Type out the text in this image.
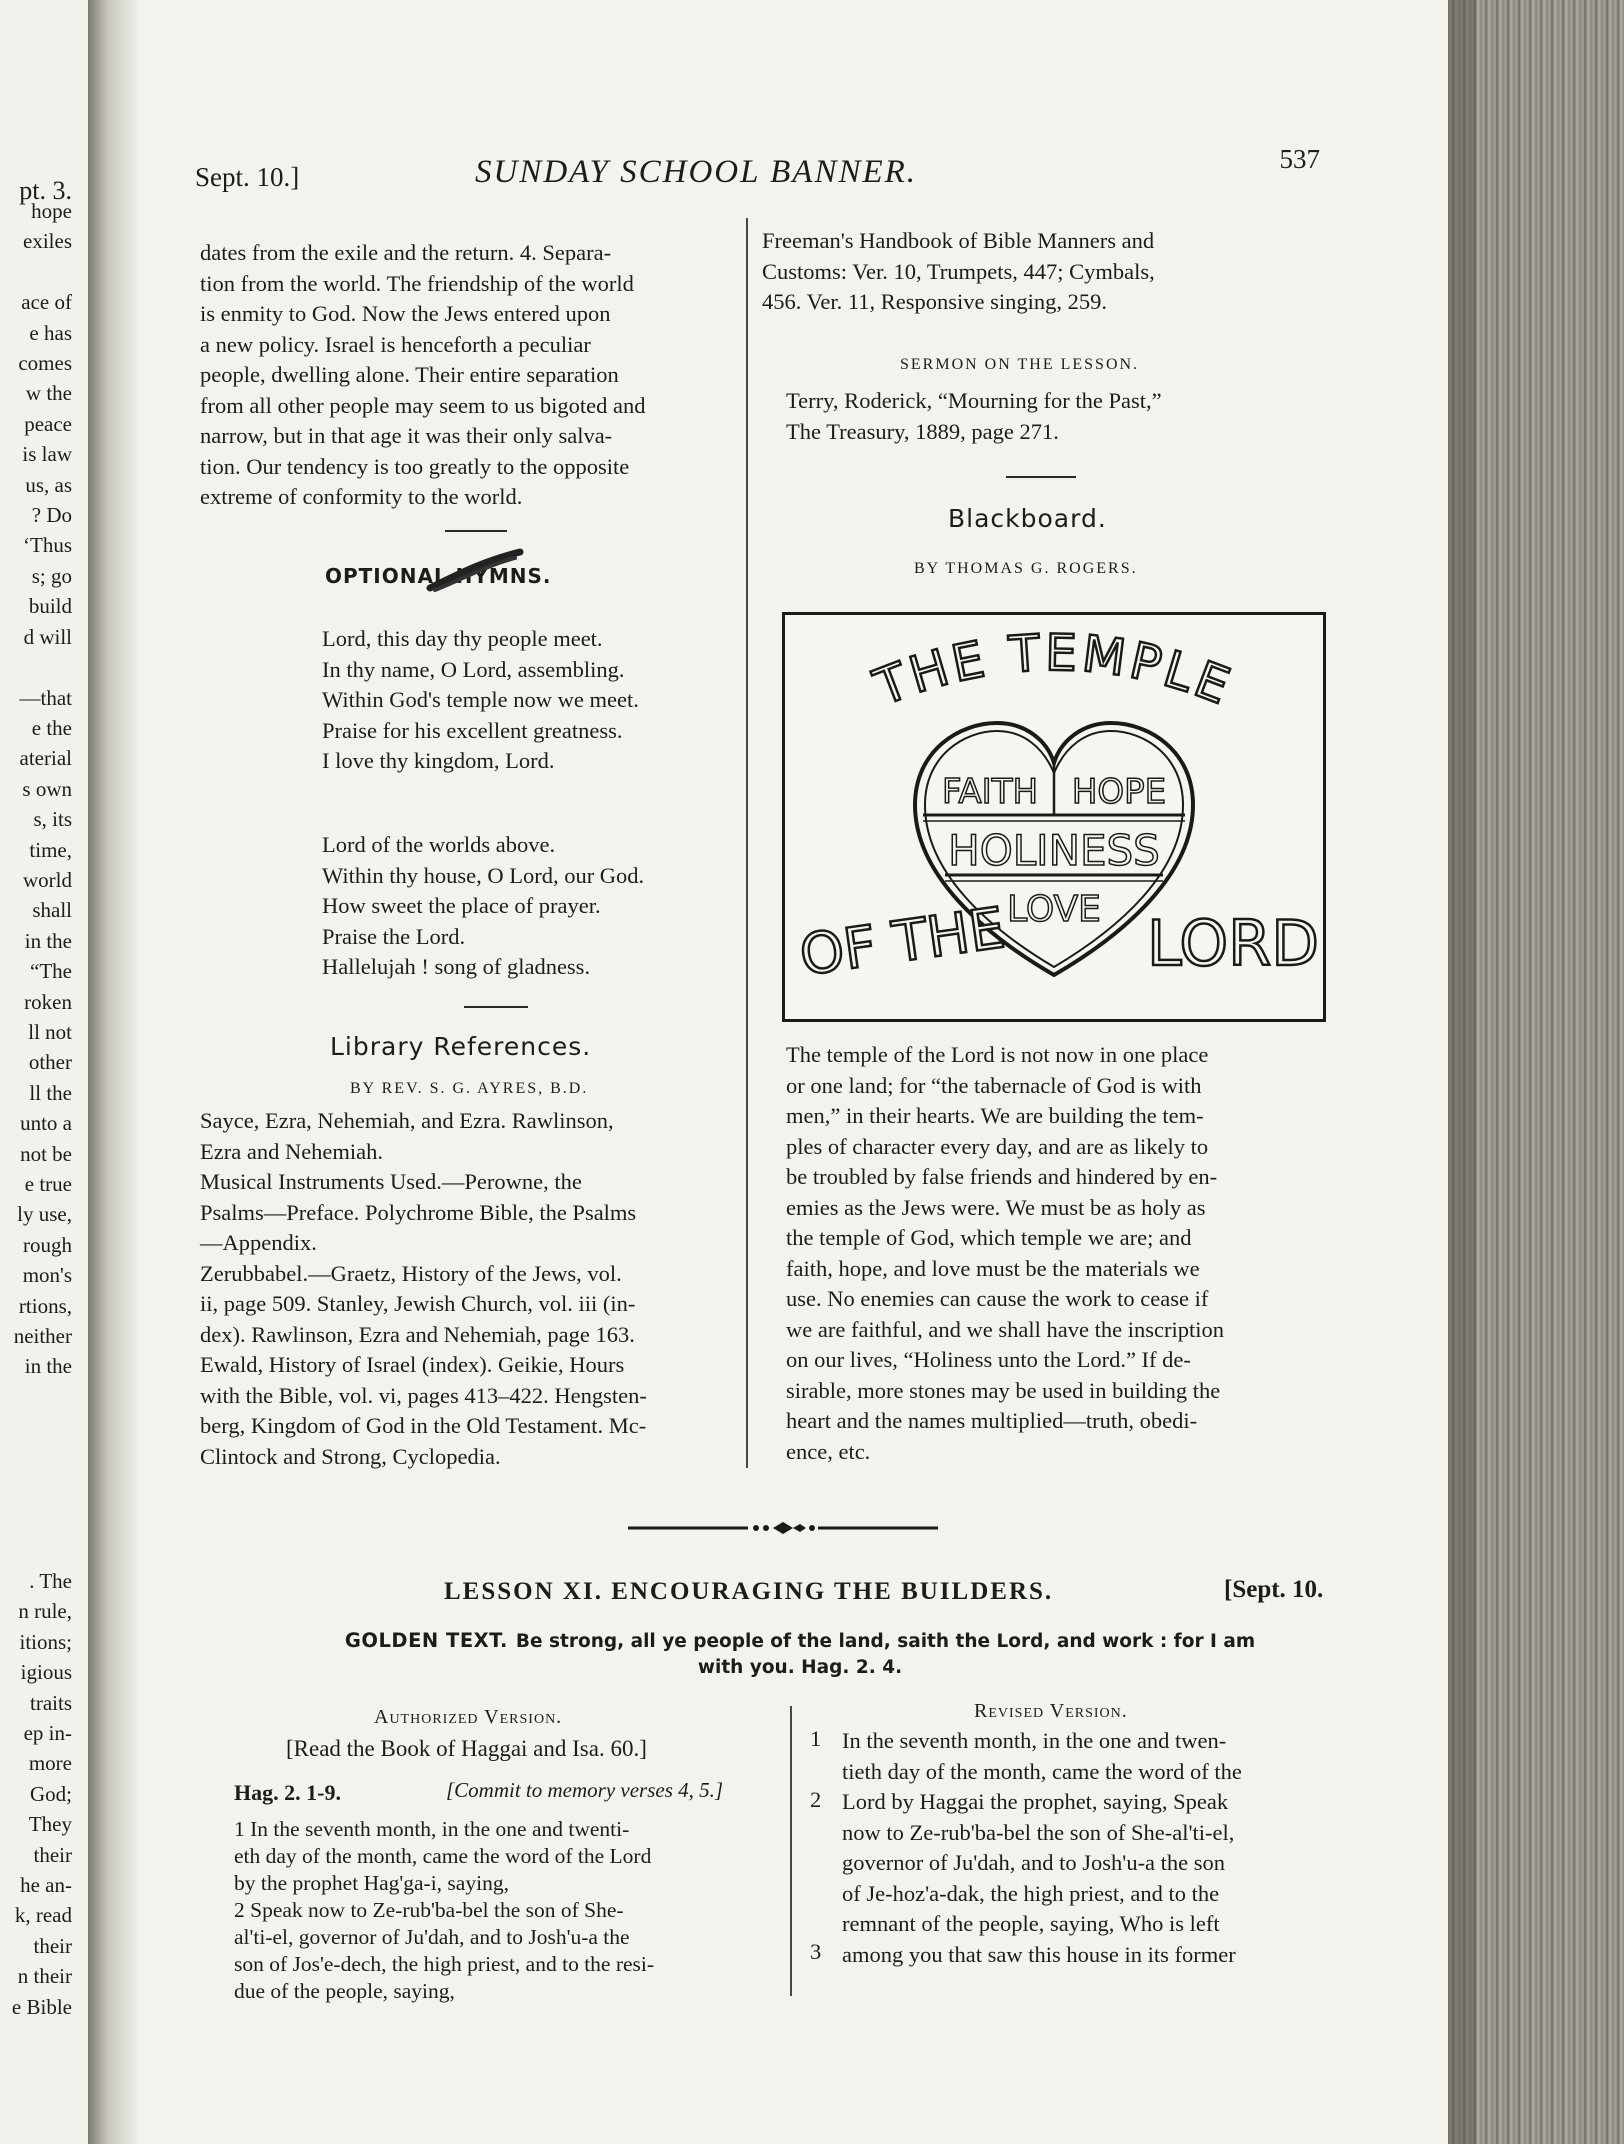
pt. 3.
hope
exiles

ace of
e has
comes
w the
peace
is law
us, as
? Do
‘Thus
s; go
build
d will

—that
e the
aterial
s own
s, its
time,
world
shall
in the
“The
roken
ll not
other
ll the
unto a
not be
e true
ly use,
rough
mon's
rtions,
neither
in the
. The
n rule,
itions;
igious
traits
ep in-
more
God;
They
their
he an-
k, read
their
n their
e Bible
Sept. 10.]	SUNDAY SCHOOL BANNER.	537
dates from the exile and the return. 4. Separa-
tion from the world. The friendship of the world
is enmity to God. Now the Jews entered upon
a new policy. Israel is henceforth a peculiar
people, dwelling alone. Their entire separation
from all other people may seem to us bigoted and
narrow, but in that age it was their only salva-
tion. Our tendency is too greatly to the opposite
extreme of conformity to the world.
OPTIONAL HYMNS.
Lord, this day thy people meet.
In thy name, O Lord, assembling.
Within God's temple now we meet.
Praise for his excellent greatness.
I love thy kingdom, Lord.
Lord of the worlds above.
Within thy house, O Lord, our God.
How sweet the place of prayer.
Praise the Lord.
Hallelujah ! song of gladness.
Library References.
BY REV. S. G. AYRES, B.D.
Sayce, Ezra, Nehemiah, and Ezra. Rawlinson,
Ezra and Nehemiah.
Musical Instruments Used.—Perowne, the
Psalms—Preface. Polychrome Bible, the Psalms
—Appendix.
Zerubbabel.—Graetz, History of the Jews, vol.
ii, page 509. Stanley, Jewish Church, vol. iii (in-
dex). Rawlinson, Ezra and Nehemiah, page 163.
Ewald, History of Israel (index). Geikie, Hours
with the Bible, vol. vi, pages 413–422. Hengsten-
berg, Kingdom of God in the Old Testament. Mc-
Clintock and Strong, Cyclopedia.
Freeman's Handbook of Bible Manners and
Customs: Ver. 10, Trumpets, 447; Cymbals,
456. Ver. 11, Responsive singing, 259.
SERMON ON THE LESSON.
Terry, Roderick, “Mourning for the Past,”
The Treasury, 1889, page 271.
Blackboard.
BY THOMAS G. ROGERS.
THE TEMPLE
FAITH HOPE
HOLINESS
LOVE
OF THE LORD
The temple of the Lord is not now in one place
or one land; for “the tabernacle of God is with
men,” in their hearts. We are building the tem-
ples of character every day, and are as likely to
be troubled by false friends and hindered by en-
emies as the Jews were. We must be as holy as
the temple of God, which temple we are; and
faith, hope, and love must be the materials we
use. No enemies can cause the work to cease if
we are faithful, and we shall have the inscription
on our lives, “Holiness unto the Lord.” If de-
sirable, more stones may be used in building the
heart and the names multiplied—truth, obedi-
ence, etc.
LESSON XI. ENCOURAGING THE BUILDERS.	[Sept. 10.
GOLDEN TEXT. Be strong, all ye people of the land, saith the Lord, and work : for I am
with you. Hag. 2. 4.
Authorized Version.
[Read the Book of Haggai and Isa. 60.]
Hag. 2. 1-9.	[Commit to memory verses 4, 5.]
1 In the seventh month, in the one and twenti-
eth day of the month, came the word of the Lord
by the prophet Hag'ga-i, saying,
2 Speak now to Ze-rub'ba-bel the son of She-
al'ti-el, governor of Ju'dah, and to Josh'u-a the
son of Jos'e-dech, the high priest, and to the resi-
due of the people, saying,
Revised Version.
In the seventh month, in the one and twen-
tieth day of the month, came the word of the
Lord by Haggai the prophet, saying, Speak
now to Ze-rub'ba-bel the son of She-al'ti-el,
governor of Ju'dah, and to Josh'u-a the son
of Je-hoz'a-dak, the high priest, and to the
remnant of the people, saying, Who is left
among you that saw this house in its former
1
2
3
